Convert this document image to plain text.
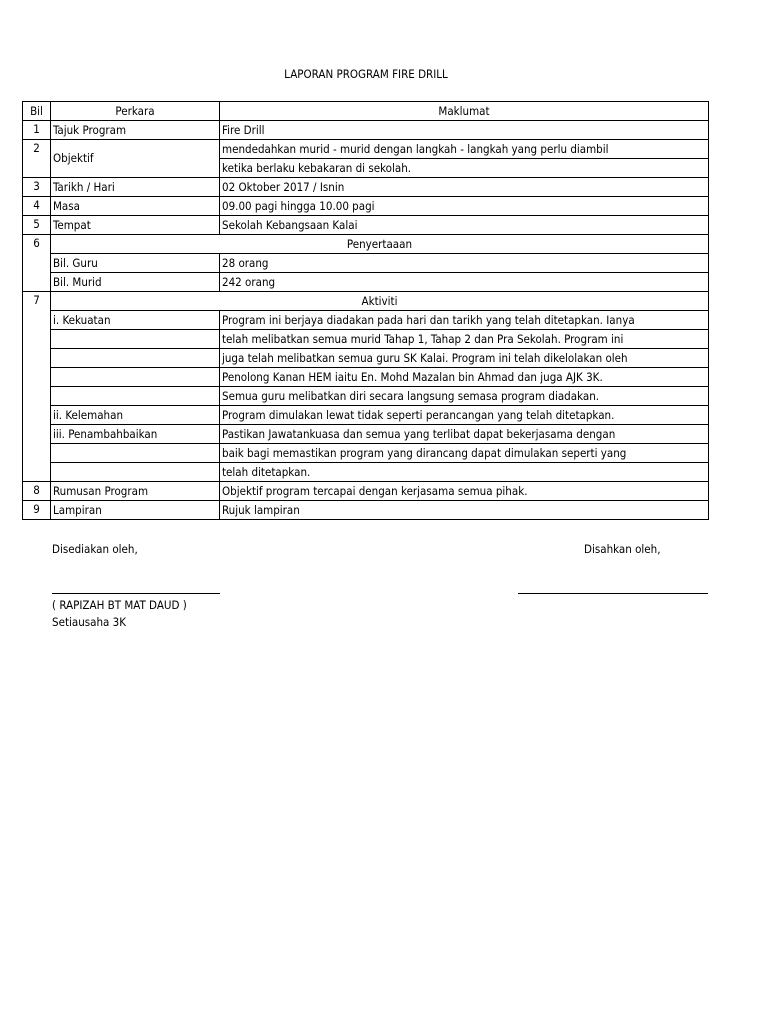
LAPORAN PROGRAM FIRE DRILL
Bil	Perkara	Maklumat
1	Tajuk Program	Fire Drill
2	Objektif	mendedahkan murid - murid dengan langkah - langkah yang perlu diambil
		ketika berlaku kebakaran di sekolah.
3	Tarikh / Hari	02 Oktober 2017 / Isnin
4	Masa	09.00 pagi hingga 10.00 pagi
5	Tempat	Sekolah Kebangsaan Kalai
6	Penyertaaan	
	Bil. Guru	28 orang
	Bil. Murid	242 orang
7	Aktiviti	
	i. Kekuatan	Program ini berjaya diadakan pada hari dan tarikh yang telah ditetapkan. Ianya
		telah melibatkan semua murid Tahap 1, Tahap 2 dan Pra Sekolah. Program ini
		juga telah melibatkan semua guru SK Kalai. Program ini telah dikelolakan oleh
		Penolong Kanan HEM iaitu En. Mohd Mazalan bin Ahmad dan juga AJK 3K.
		Semua guru melibatkan diri secara langsung semasa program diadakan.
	ii. Kelemahan	Program dimulakan lewat tidak seperti perancangan yang telah ditetapkan.
	iii. Penambahbaikan	Pastikan Jawatankuasa dan semua yang terlibat dapat bekerjasama dengan
		baik bagi memastikan program yang dirancang dapat dimulakan seperti yang
		telah ditetapkan.
8	Rumusan Program	Objektif program tercapai dengan kerjasama semua pihak.
9	Lampiran	Rujuk lampiran
Disediakan oleh,	Disahkan oleh,
( RAPIZAH BT MAT DAUD )
Setiausaha 3K
